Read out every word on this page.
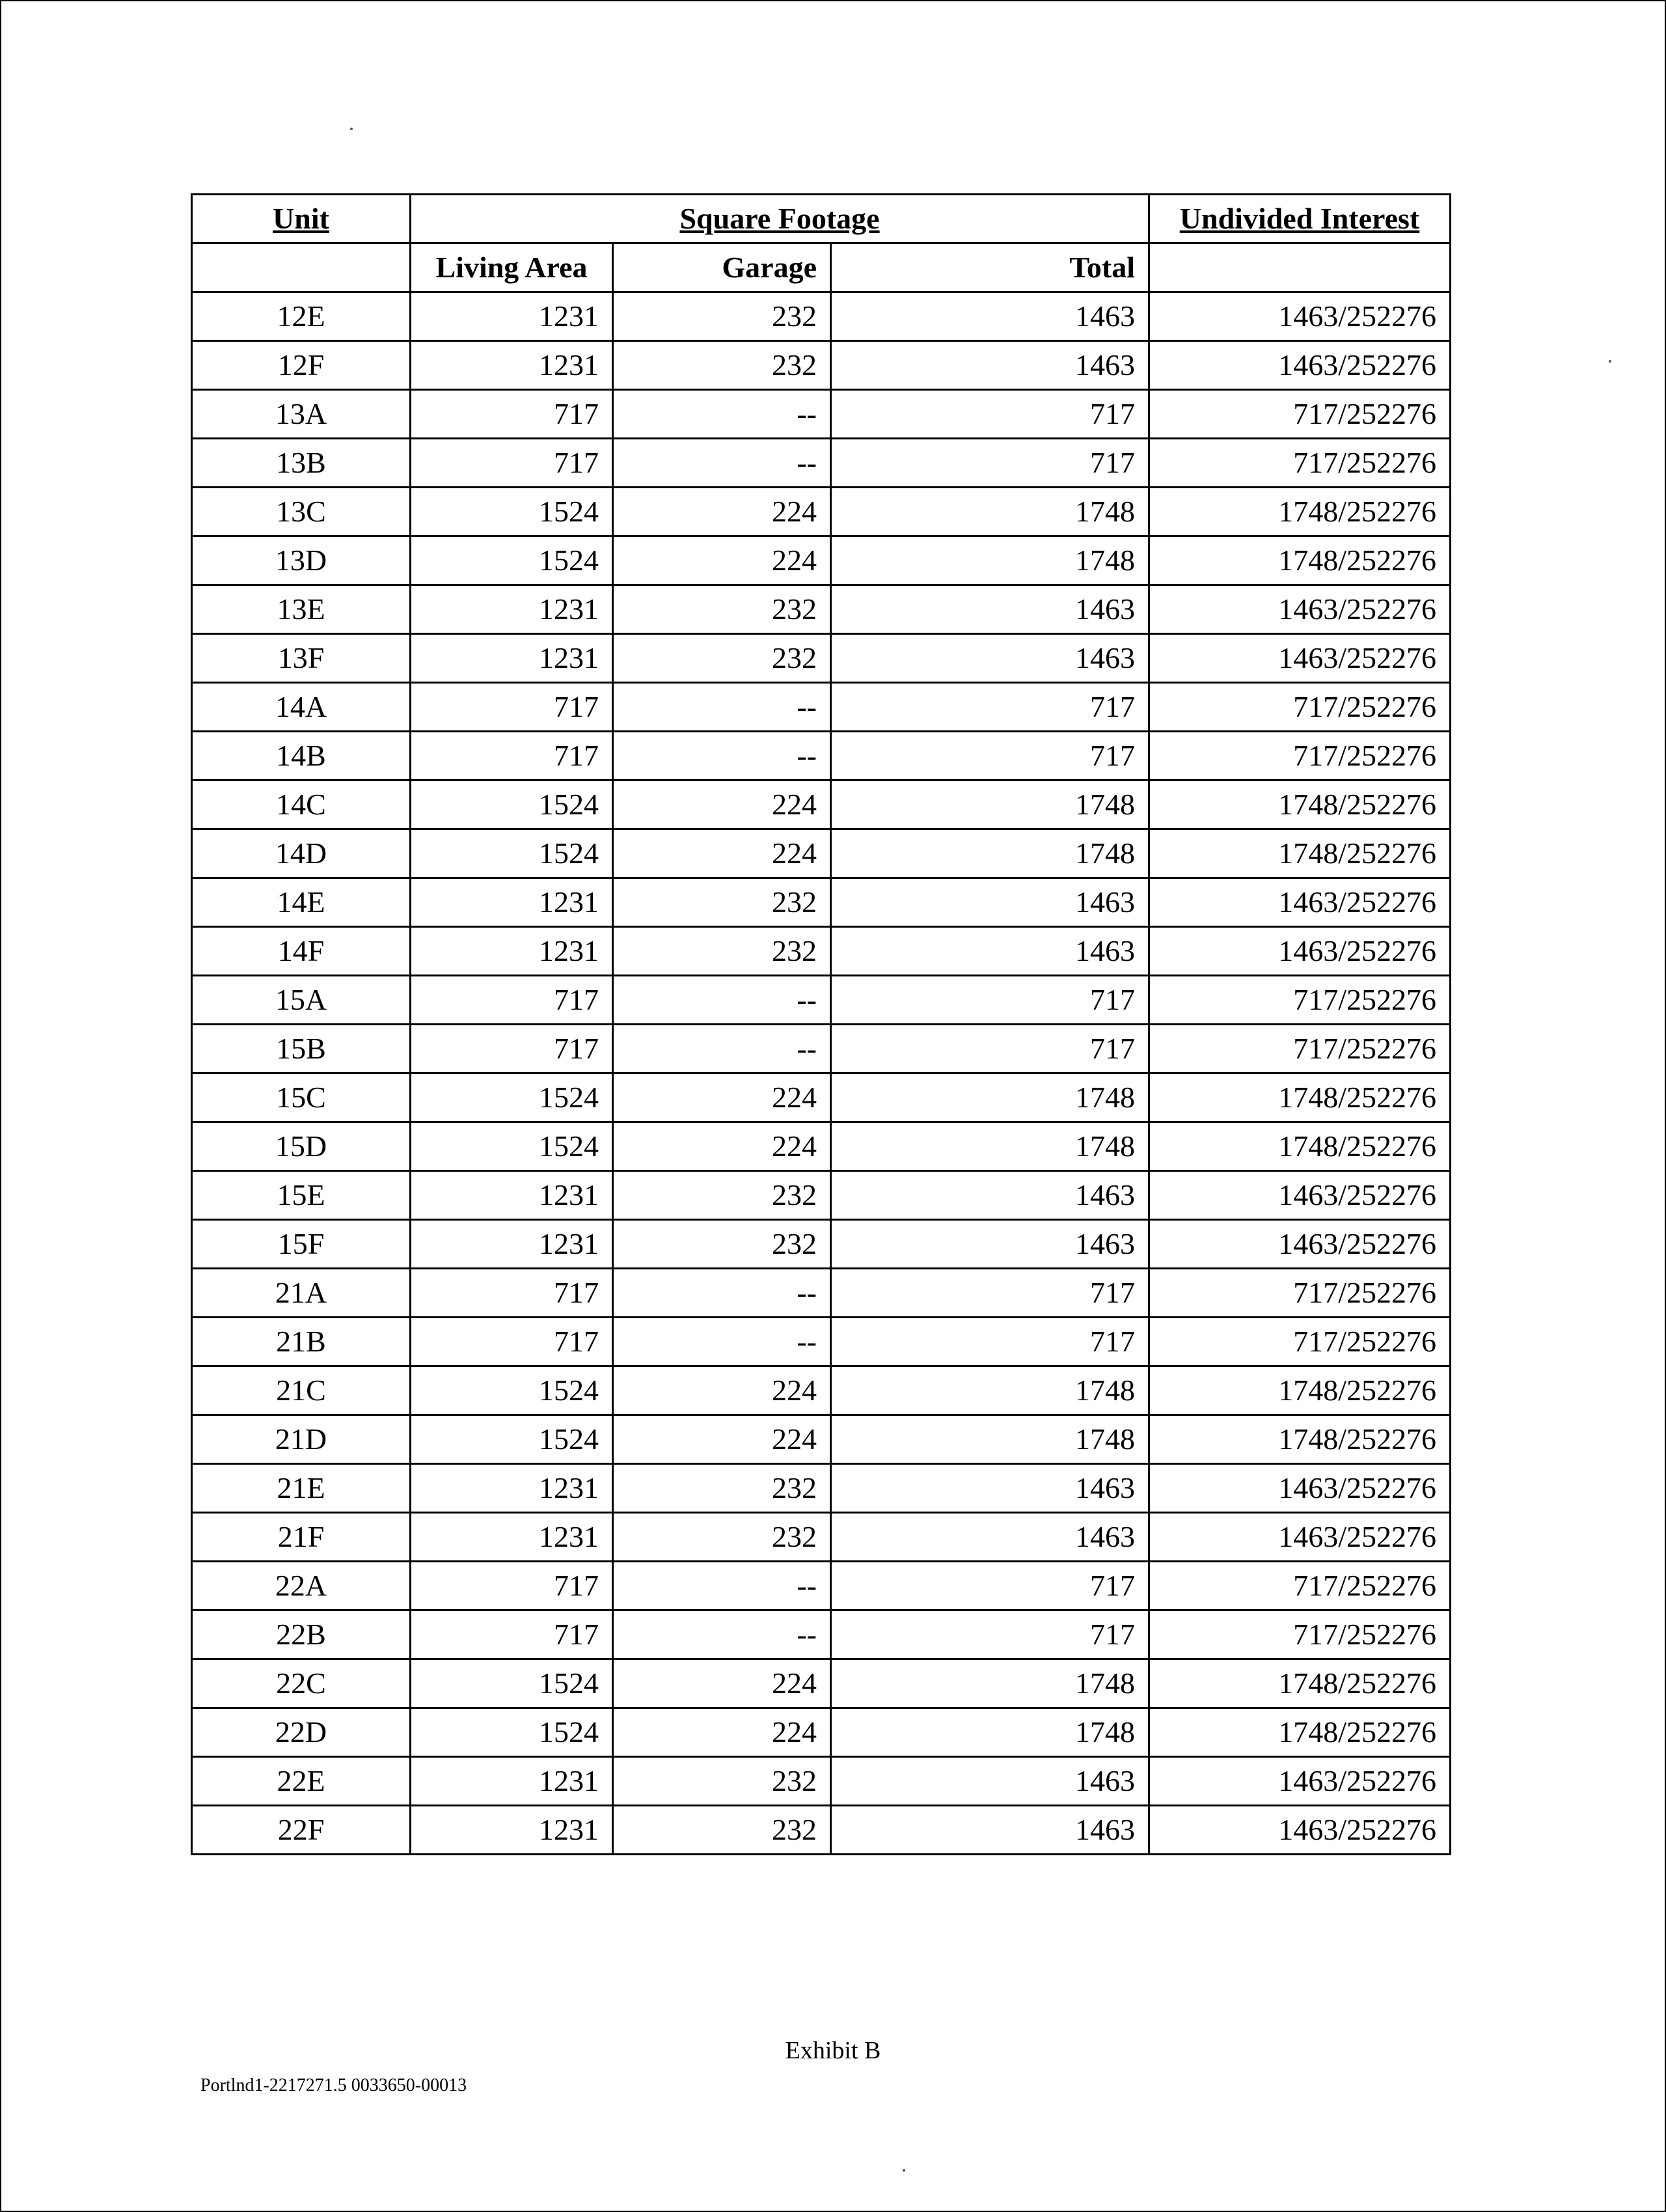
Unit	Square Footage			Undivided Interest
	Living Area	Garage	Total	
12E	1231	232	1463	1463/252276
12F	1231	232	1463	1463/252276
13A	717	--	717	717/252276
13B	717	--	717	717/252276
13C	1524	224	1748	1748/252276
13D	1524	224	1748	1748/252276
13E	1231	232	1463	1463/252276
13F	1231	232	1463	1463/252276
14A	717	--	717	717/252276
14B	717	--	717	717/252276
14C	1524	224	1748	1748/252276
14D	1524	224	1748	1748/252276
14E	1231	232	1463	1463/252276
14F	1231	232	1463	1463/252276
15A	717	--	717	717/252276
15B	717	--	717	717/252276
15C	1524	224	1748	1748/252276
15D	1524	224	1748	1748/252276
15E	1231	232	1463	1463/252276
15F	1231	232	1463	1463/252276
21A	717	--	717	717/252276
21B	717	--	717	717/252276
21C	1524	224	1748	1748/252276
21D	1524	224	1748	1748/252276
21E	1231	232	1463	1463/252276
21F	1231	232	1463	1463/252276
22A	717	--	717	717/252276
22B	717	--	717	717/252276
22C	1524	224	1748	1748/252276
22D	1524	224	1748	1748/252276
22E	1231	232	1463	1463/252276
22F	1231	232	1463	1463/252276
Exhibit B
Portlnd1-2217271.5 0033650-00013
